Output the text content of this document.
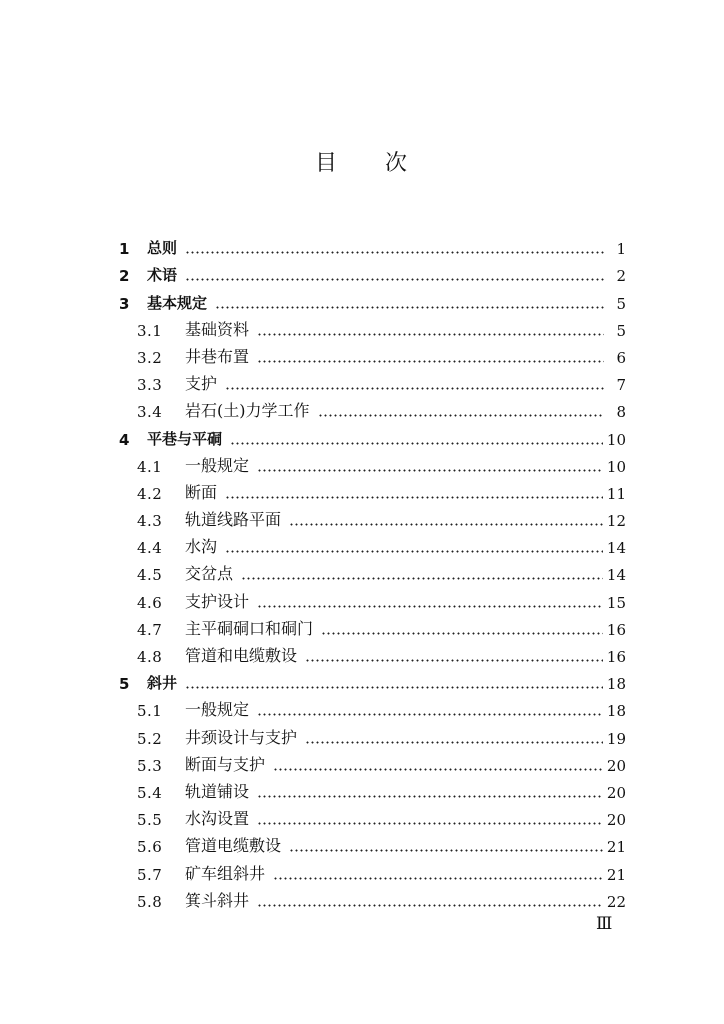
目 次
1	总则	1
2	术语	2
3	基本规定	5
3.1	基础资料	5
3.2	井巷布置	6
3.3	支护	7
3.4	岩石(土)力学工作	8
4	平巷与平硐	10
4.1	一般规定	10
4.2	断面	11
4.3	轨道线路平面	12
4.4	水沟	14
4.5	交岔点	14
4.6	支护设计	15
4.7	主平硐硐口和硐门	16
4.8	管道和电缆敷设	16
5	斜井	18
5.1	一般规定	18
5.2	井颈设计与支护	19
5.3	断面与支护	20
5.4	轨道铺设	20
5.5	水沟设置	20
5.6	管道电缆敷设	21
5.7	矿车组斜井	21
5.8	箕斗斜井	22
Ⅲ
